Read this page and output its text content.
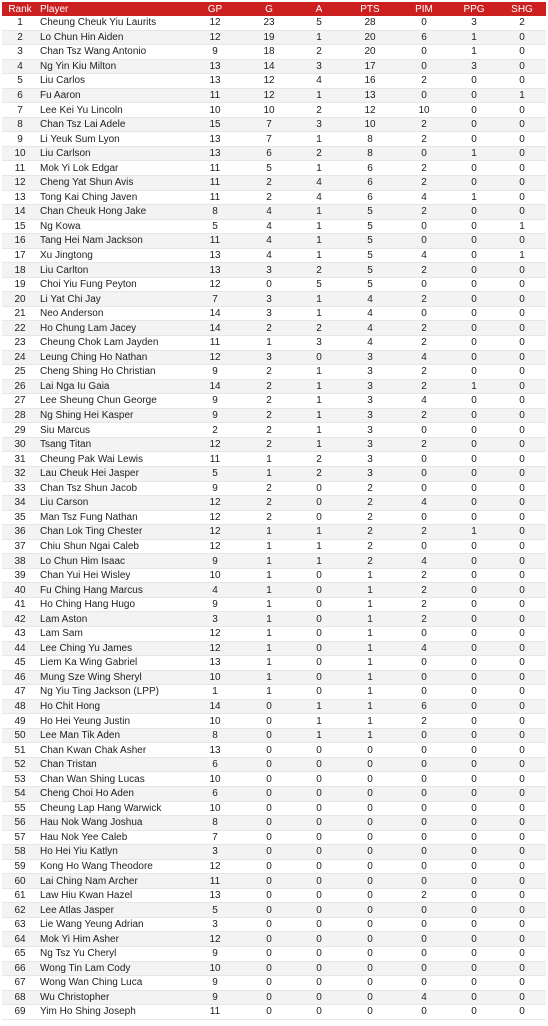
Rank	Player	GP	G	A	PTS	PIM	PPG	SHG
1	Cheung Cheuk Yiu Laurits	12	23	5	28	0	3	2
2	Lo Chun Hin Aiden	12	19	1	20	6	1	0
3	Chan Tsz Wang Antonio	9	18	2	20	0	1	0
4	Ng Yin Kiu Milton	13	14	3	17	0	3	0
5	Liu Carlos	13	12	4	16	2	0	0
6	Fu Aaron	11	12	1	13	0	0	1
7	Lee Kei Yu Lincoln	10	10	2	12	10	0	0
8	Chan Tsz Lai Adele	15	7	3	10	2	0	0
9	Li Yeuk Sum Lyon	13	7	1	8	2	0	0
10	Liu Carlson	13	6	2	8	0	1	0
11	Mok Yi Lok Edgar	11	5	1	6	2	0	0
12	Cheng Yat Shun Avis	11	2	4	6	2	0	0
13	Tong Kai Ching Javen	11	2	4	6	4	1	0
14	Chan Cheuk Hong Jake	8	4	1	5	2	0	0
15	Ng Kowa	5	4	1	5	0	0	1
16	Tang Hei Nam Jackson	11	4	1	5	0	0	0
17	Xu Jingtong	13	4	1	5	4	0	1
18	Liu Carlton	13	3	2	5	2	0	0
19	Choi Yiu Fung Peyton	12	0	5	5	0	0	0
20	Li Yat Chi Jay	7	3	1	4	2	0	0
21	Neo Anderson	14	3	1	4	0	0	0
22	Ho Chung Lam Jacey	14	2	2	4	2	0	0
23	Cheung Chok Lam Jayden	11	1	3	4	2	0	0
24	Leung Ching Ho Nathan	12	3	0	3	4	0	0
25	Cheng Shing Ho Christian	9	2	1	3	2	0	0
26	Lai Nga Iu Gaia	14	2	1	3	2	1	0
27	Lee Sheung Chun George	9	2	1	3	4	0	0
28	Ng Shing Hei Kasper	9	2	1	3	2	0	0
29	Siu Marcus	2	2	1	3	0	0	0
30	Tsang Titan	12	2	1	3	2	0	0
31	Cheung Pak Wai Lewis	11	1	2	3	0	0	0
32	Lau Cheuk Hei Jasper	5	1	2	3	0	0	0
33	Chan Tsz Shun Jacob	9	2	0	2	0	0	0
34	Liu Carson	12	2	0	2	4	0	0
35	Man Tsz Fung Nathan	12	2	0	2	0	0	0
36	Chan Lok Ting Chester	12	1	1	2	2	1	0
37	Chiu Shun Ngai Caleb	12	1	1	2	0	0	0
38	Lo Chun Him Isaac	9	1	1	2	4	0	0
39	Chan Yui Hei Wisley	10	1	0	1	2	0	0
40	Fu Ching Hang Marcus	4	1	0	1	2	0	0
41	Ho Ching Hang Hugo	9	1	0	1	2	0	0
42	Lam Aston	3	1	0	1	2	0	0
43	Lam Sam	12	1	0	1	0	0	0
44	Lee Ching Yu James	12	1	0	1	4	0	0
45	Liem Ka Wing Gabriel	13	1	0	1	0	0	0
46	Mung Sze Wing Sheryl	10	1	0	1	0	0	0
47	Ng Yiu Ting Jackson (LPP)	1	1	0	1	0	0	0
48	Ho Chit Hong	14	0	1	1	6	0	0
49	Ho Hei Yeung Justin	10	0	1	1	2	0	0
50	Lee Man Tik Aden	8	0	1	1	0	0	0
51	Chan Kwan Chak Asher	13	0	0	0	0	0	0
52	Chan Tristan	6	0	0	0	0	0	0
53	Chan Wan Shing Lucas	10	0	0	0	0	0	0
54	Cheng Choi Ho Aden	6	0	0	0	0	0	0
55	Cheung Lap Hang Warwick	10	0	0	0	0	0	0
56	Hau Nok Wang Joshua	8	0	0	0	0	0	0
57	Hau Nok Yee Caleb	7	0	0	0	0	0	0
58	Ho Hei Yiu Katlyn	3	0	0	0	0	0	0
59	Kong Ho Wang Theodore	12	0	0	0	0	0	0
60	Lai Ching Nam Archer	11	0	0	0	0	0	0
61	Law Hiu Kwan Hazel	13	0	0	0	2	0	0
62	Lee Atlas Jasper	5	0	0	0	0	0	0
63	Lie Wang Yeung Adrian	3	0	0	0	0	0	0
64	Mok Yi Him Asher	12	0	0	0	0	0	0
65	Ng Tsz Yu Cheryl	9	0	0	0	0	0	0
66	Wong Tin Lam Cody	10	0	0	0	0	0	0
67	Wong Wan Ching Luca	9	0	0	0	0	0	0
68	Wu Christopher	9	0	0	0	4	0	0
69	Yim Ho Shing Joseph	11	0	0	0	0	0	0
